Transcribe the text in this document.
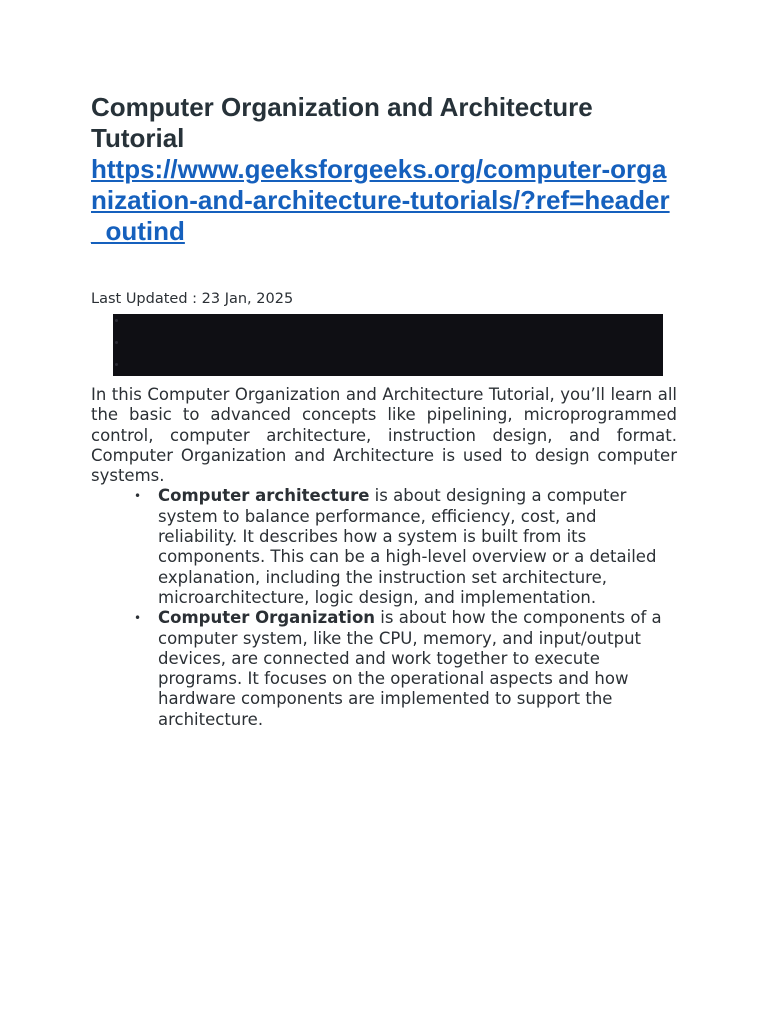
Computer Organization and Architecture Tutorial
https://www.geeksforgeeks.org/computer-organization-and-architecture-tutorials/?ref=header_outind

Last Updated : 23 Jan, 2025

In this Computer Organization and Architecture Tutorial, you’ll learn all the basic to advanced concepts like pipelining, microprogrammed control, computer architecture, instruction design, and format. Computer Organization and Architecture is used to design computer systems.

• Computer architecture is about designing a computer system to balance performance, efficiency, cost, and reliability. It describes how a system is built from its components. This can be a high-level overview or a detailed explanation, including the instruction set architecture, microarchitecture, logic design, and implementation.
• Computer Organization is about how the components of a computer system, like the CPU, memory, and input/output devices, are connected and work together to execute programs. It focuses on the operational aspects and how hardware components are implemented to support the architecture.
